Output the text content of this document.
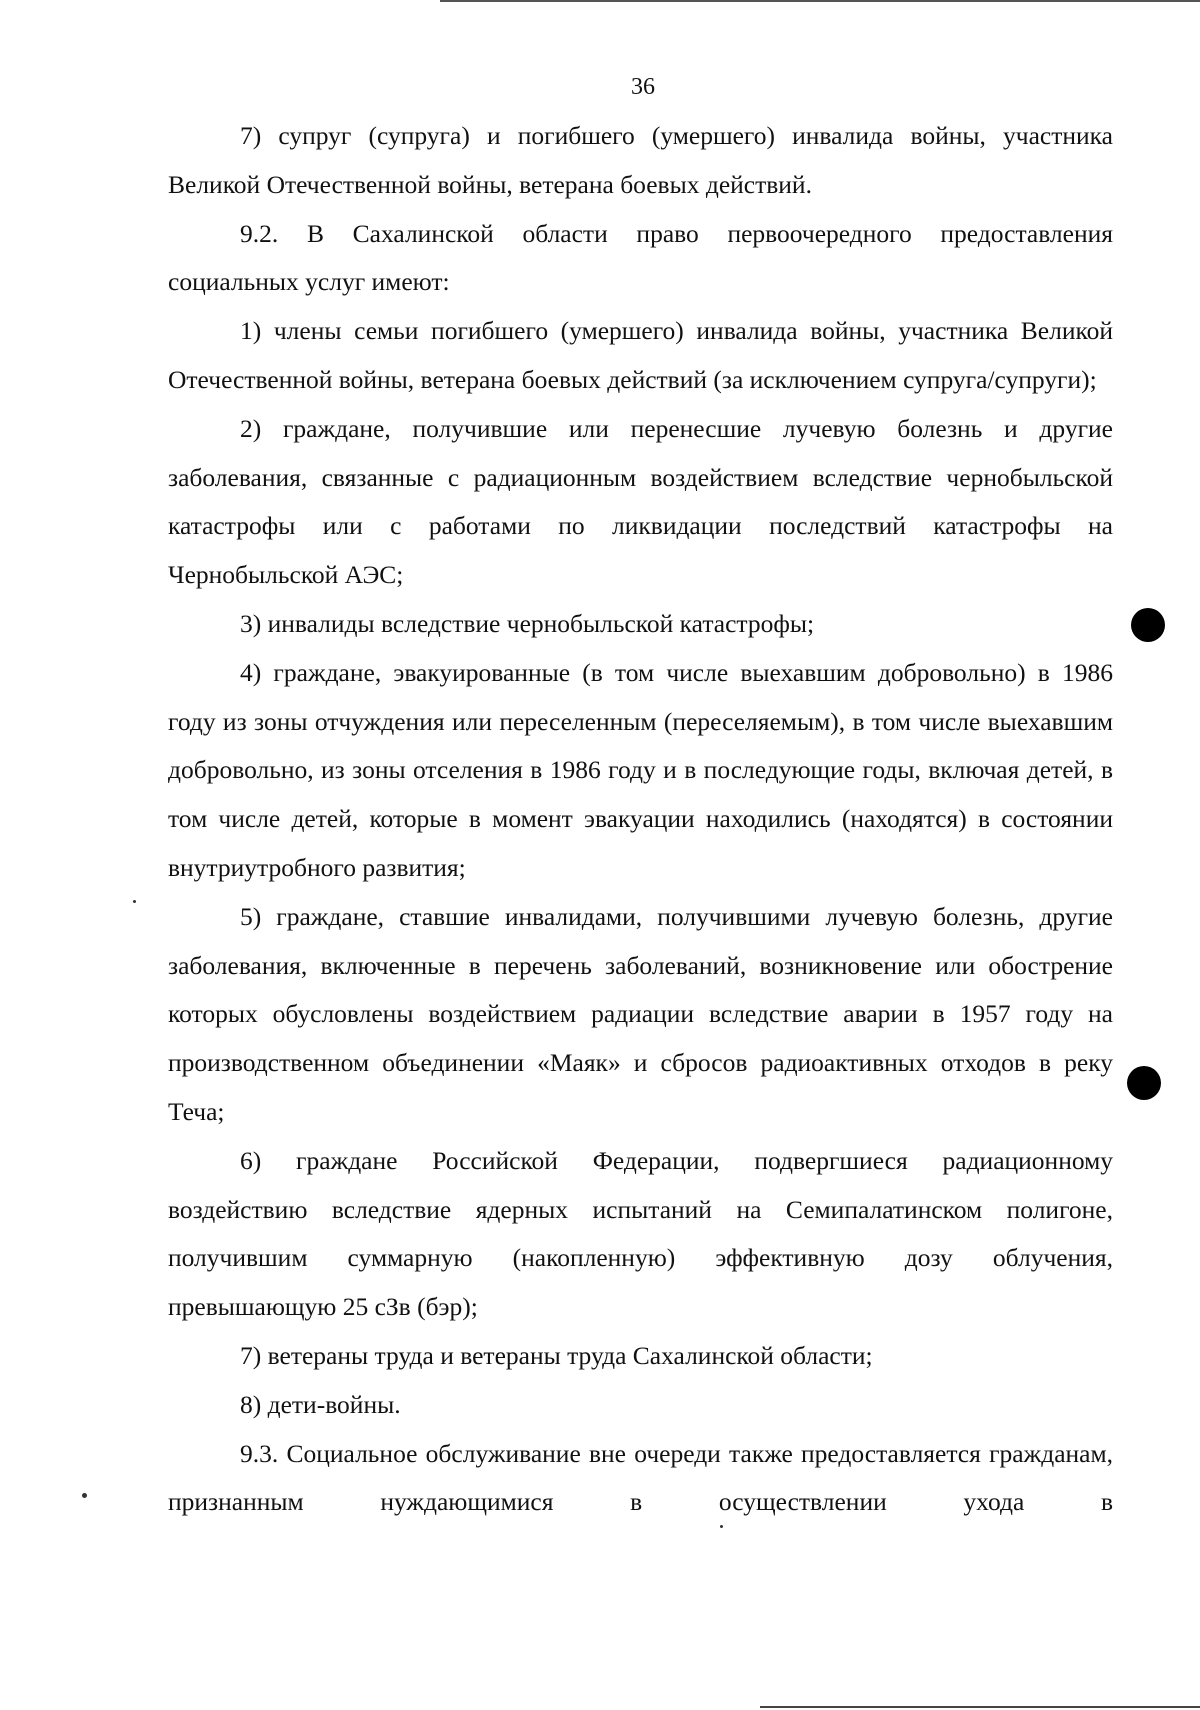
36

7) супруг (супруга) и погибшего (умершего) инвалида войны, участника Великой Отечественной войны, ветерана боевых действий.

9.2. В Сахалинской области право первоочередного предоставления социальных услуг имеют:

1) члены семьи погибшего (умершего) инвалида войны, участника Великой Отечественной войны, ветерана боевых действий (за исключением супруга/супруги);

2) граждане, получившие или перенесшие лучевую болезнь и другие заболевания, связанные с радиационным воздействием вследствие чернобыльской катастрофы или с работами по ликвидации последствий катастрофы на Чернобыльской АЭС;

3) инвалиды вследствие чернобыльской катастрофы;

4) граждане, эвакуированные (в том числе выехавшим добровольно) в 1986 году из зоны отчуждения или переселенным (переселяемым), в том числе выехавшим добровольно, из зоны отселения в 1986 году и в последующие годы, включая детей, в том числе детей, которые в момент эвакуации находились (находятся) в состоянии внутриутробного развития;

5) граждане, ставшие инвалидами, получившими лучевую болезнь, другие заболевания, включенные в перечень заболеваний, возникновение или обострение которых обусловлены воздействием радиации вследствие аварии в 1957 году на производственном объединении «Маяк» и сбросов радиоактивных отходов в реку Теча;

6) граждане Российской Федерации, подвергшиеся радиационному воздействию вследствие ядерных испытаний на Семипалатинском полигоне, получившим суммарную (накопленную) эффективную дозу облучения, превышающую 25 сЗв (бэр);

7) ветераны труда и ветераны труда Сахалинской области;

8) дети-войны.

9.3. Социальное обслуживание вне очереди также предоставляется гражданам, признанным нуждающимися в осуществлении ухода в
